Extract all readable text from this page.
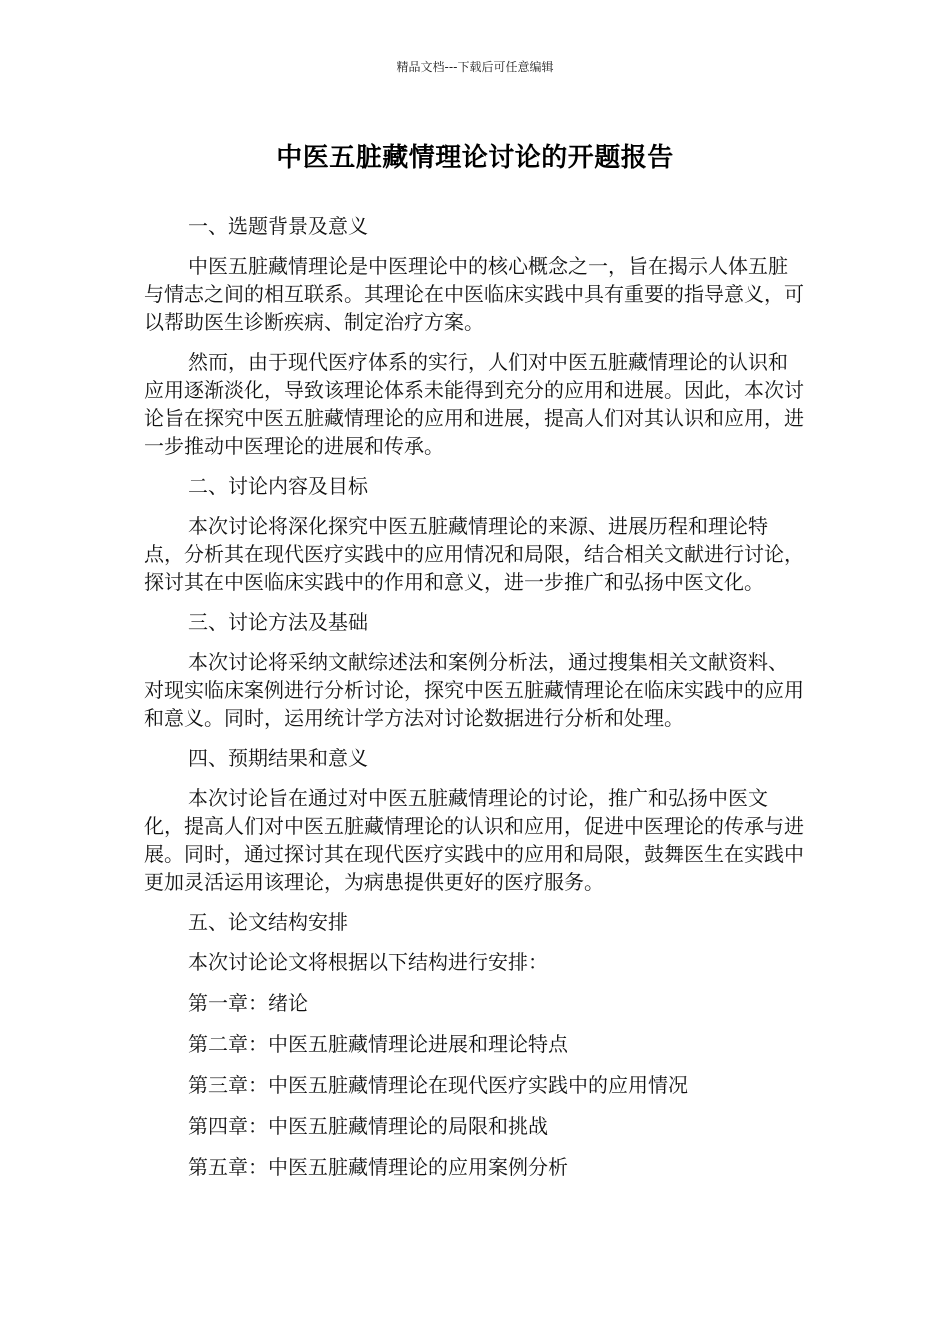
精品文档---下载后可任意编辑
中医五脏藏情理论讨论的开题报告

一、选题背景及意义

中医五脏藏情理论是中医理论中的核心概念之一，旨在揭示人体五脏与情志之间的相互联系。其理论在中医临床实践中具有重要的指导意义，可以帮助医生诊断疾病、制定治疗方案。

然而，由于现代医疗体系的实行，人们对中医五脏藏情理论的认识和应用逐渐淡化，导致该理论体系未能得到充分的应用和进展。因此，本次讨论旨在探究中医五脏藏情理论的应用和进展，提高人们对其认识和应用，进一步推动中医理论的进展和传承。

二、讨论内容及目标

本次讨论将深化探究中医五脏藏情理论的来源、进展历程和理论特点，分析其在现代医疗实践中的应用情况和局限，结合相关文献进行讨论，探讨其在中医临床实践中的作用和意义，进一步推广和弘扬中医文化。

三、讨论方法及基础

本次讨论将采纳文献综述法和案例分析法，通过搜集相关文献资料、对现实临床案例进行分析讨论，探究中医五脏藏情理论在临床实践中的应用和意义。同时，运用统计学方法对讨论数据进行分析和处理。

四、预期结果和意义

本次讨论旨在通过对中医五脏藏情理论的讨论，推广和弘扬中医文化，提高人们对中医五脏藏情理论的认识和应用，促进中医理论的传承与进展。同时，通过探讨其在现代医疗实践中的应用和局限，鼓舞医生在实践中更加灵活运用该理论，为病患提供更好的医疗服务。

五、论文结构安排

本次讨论论文将根据以下结构进行安排：

第一章：绪论

第二章：中医五脏藏情理论进展和理论特点

第三章：中医五脏藏情理论在现代医疗实践中的应用情况

第四章：中医五脏藏情理论的局限和挑战

第五章：中医五脏藏情理论的应用案例分析
